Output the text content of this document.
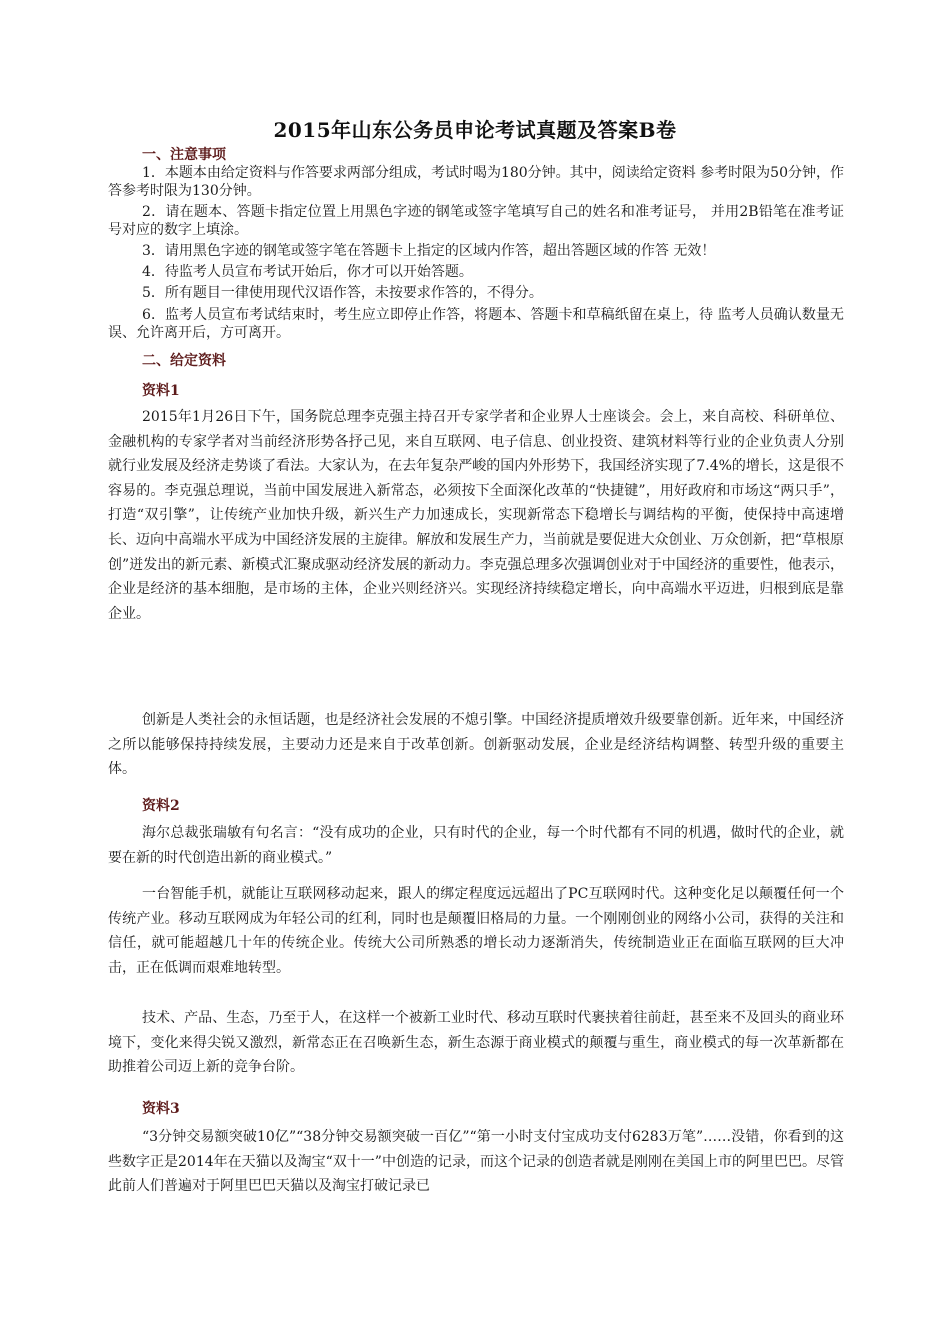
2015年山东公务员申论考试真题及答案B卷
一、注意事项
1．本题本由给定资料与作答要求两部分组成，考试时喝为180分钟。其中，阅读给定资料 参考时限为50分钟，作答参考时限为130分钟。
2．请在题本、答题卡指定位置上用黑色字迹的钢笔或签字笔填写自己的姓名和准考证号， 并用2B铅笔在准考证号对应的数字上填涂。
3．请用黑色字迹的钢笔或签字笔在答题卡上指定的区域内作答，超出答题区域的作答 无效！
4．待监考人员宣布考试开始后，你才可以开始答题。
5．所有题目一律使用现代汉语作答，未按要求作答的，不得分。
6．监考人员宣布考试结束时，考生应立即停止作答，将题本、答题卡和草稿纸留在桌上，待 监考人员确认数量无误、允许离开后，方可离开。
二、给定资料
资料1
2015年1月26日下午，国务院总理李克强主持召开专家学者和企业界人士座谈会。会上，来自高校、科研单位、金融机构的专家学者对当前经济形势各抒己见，来自互联网、电子信息、创业投资、建筑材料等行业的企业负责人分别就行业发展及经济走势谈了看法。大家认为，在去年复杂严峻的国内外形势下，我国经济实现了7.4%的增长，这是很不容易的。李克强总理说，当前中国发展进入新常态，必须按下全面深化改革的“快捷键”，用好政府和市场这“两只手”，打造“双引擎”，让传统产业加快升级，新兴生产力加速成长，实现新常态下稳增长与调结构的平衡，使保持中高速增长、迈向中高端水平成为中国经济发展的主旋律。解放和发展生产力，当前就是要促进大众创业、万众创新，把“草根原创”迸发出的新元素、新模式汇聚成驱动经济发展的新动力。李克强总理多次强调创业对于中国经济的重要性，他表示，企业是经济的基本细胞，是市场的主体，企业兴则经济兴。实现经济持续稳定增长，向中高端水平迈进，归根到底是靠企业。
创新是人类社会的永恒话题，也是经济社会发展的不熄引擎。中国经济提质增效升级要靠创新。近年来，中国经济之所以能够保持持续发展，主要动力还是来自于改革创新。创新驱动发展，企业是经济结构调整、转型升级的重要主体。
资料2
海尔总裁张瑞敏有句名言：“没有成功的企业，只有时代的企业，每一个时代都有不同的机遇，做时代的企业，就要在新的时代创造出新的商业模式。”
一台智能手机，就能让互联网移动起来，跟人的绑定程度远远超出了PC互联网时代。这种变化足以颠覆任何一个传统产业。移动互联网成为年轻公司的红利，同时也是颠覆旧格局的力量。一个刚刚创业的网络小公司，获得的关注和信任，就可能超越几十年的传统企业。传统大公司所熟悉的增长动力逐渐消失，传统制造业正在面临互联网的巨大冲击，正在低调而艰难地转型。
技术、产品、生态，乃至于人，在这样一个被新工业时代、移动互联时代裹挟着往前赶，甚至来不及回头的商业环境下，变化来得尖锐又激烈，新常态正在召唤新生态，新生态源于商业模式的颠覆与重生，商业模式的每一次革新都在助推着公司迈上新的竞争台阶。
资料3
“3分钟交易额突破10亿”“38分钟交易额突破一百亿”“第一小时支付宝成功支付6283万笔”……没错，你看到的这些数字正是2014年在天猫以及淘宝“双十一”中创造的记录，而这个记录的创造者就是刚刚在美国上市的阿里巴巴。尽管此前人们普遍对于阿里巴巴天猫以及淘宝打破记录已
